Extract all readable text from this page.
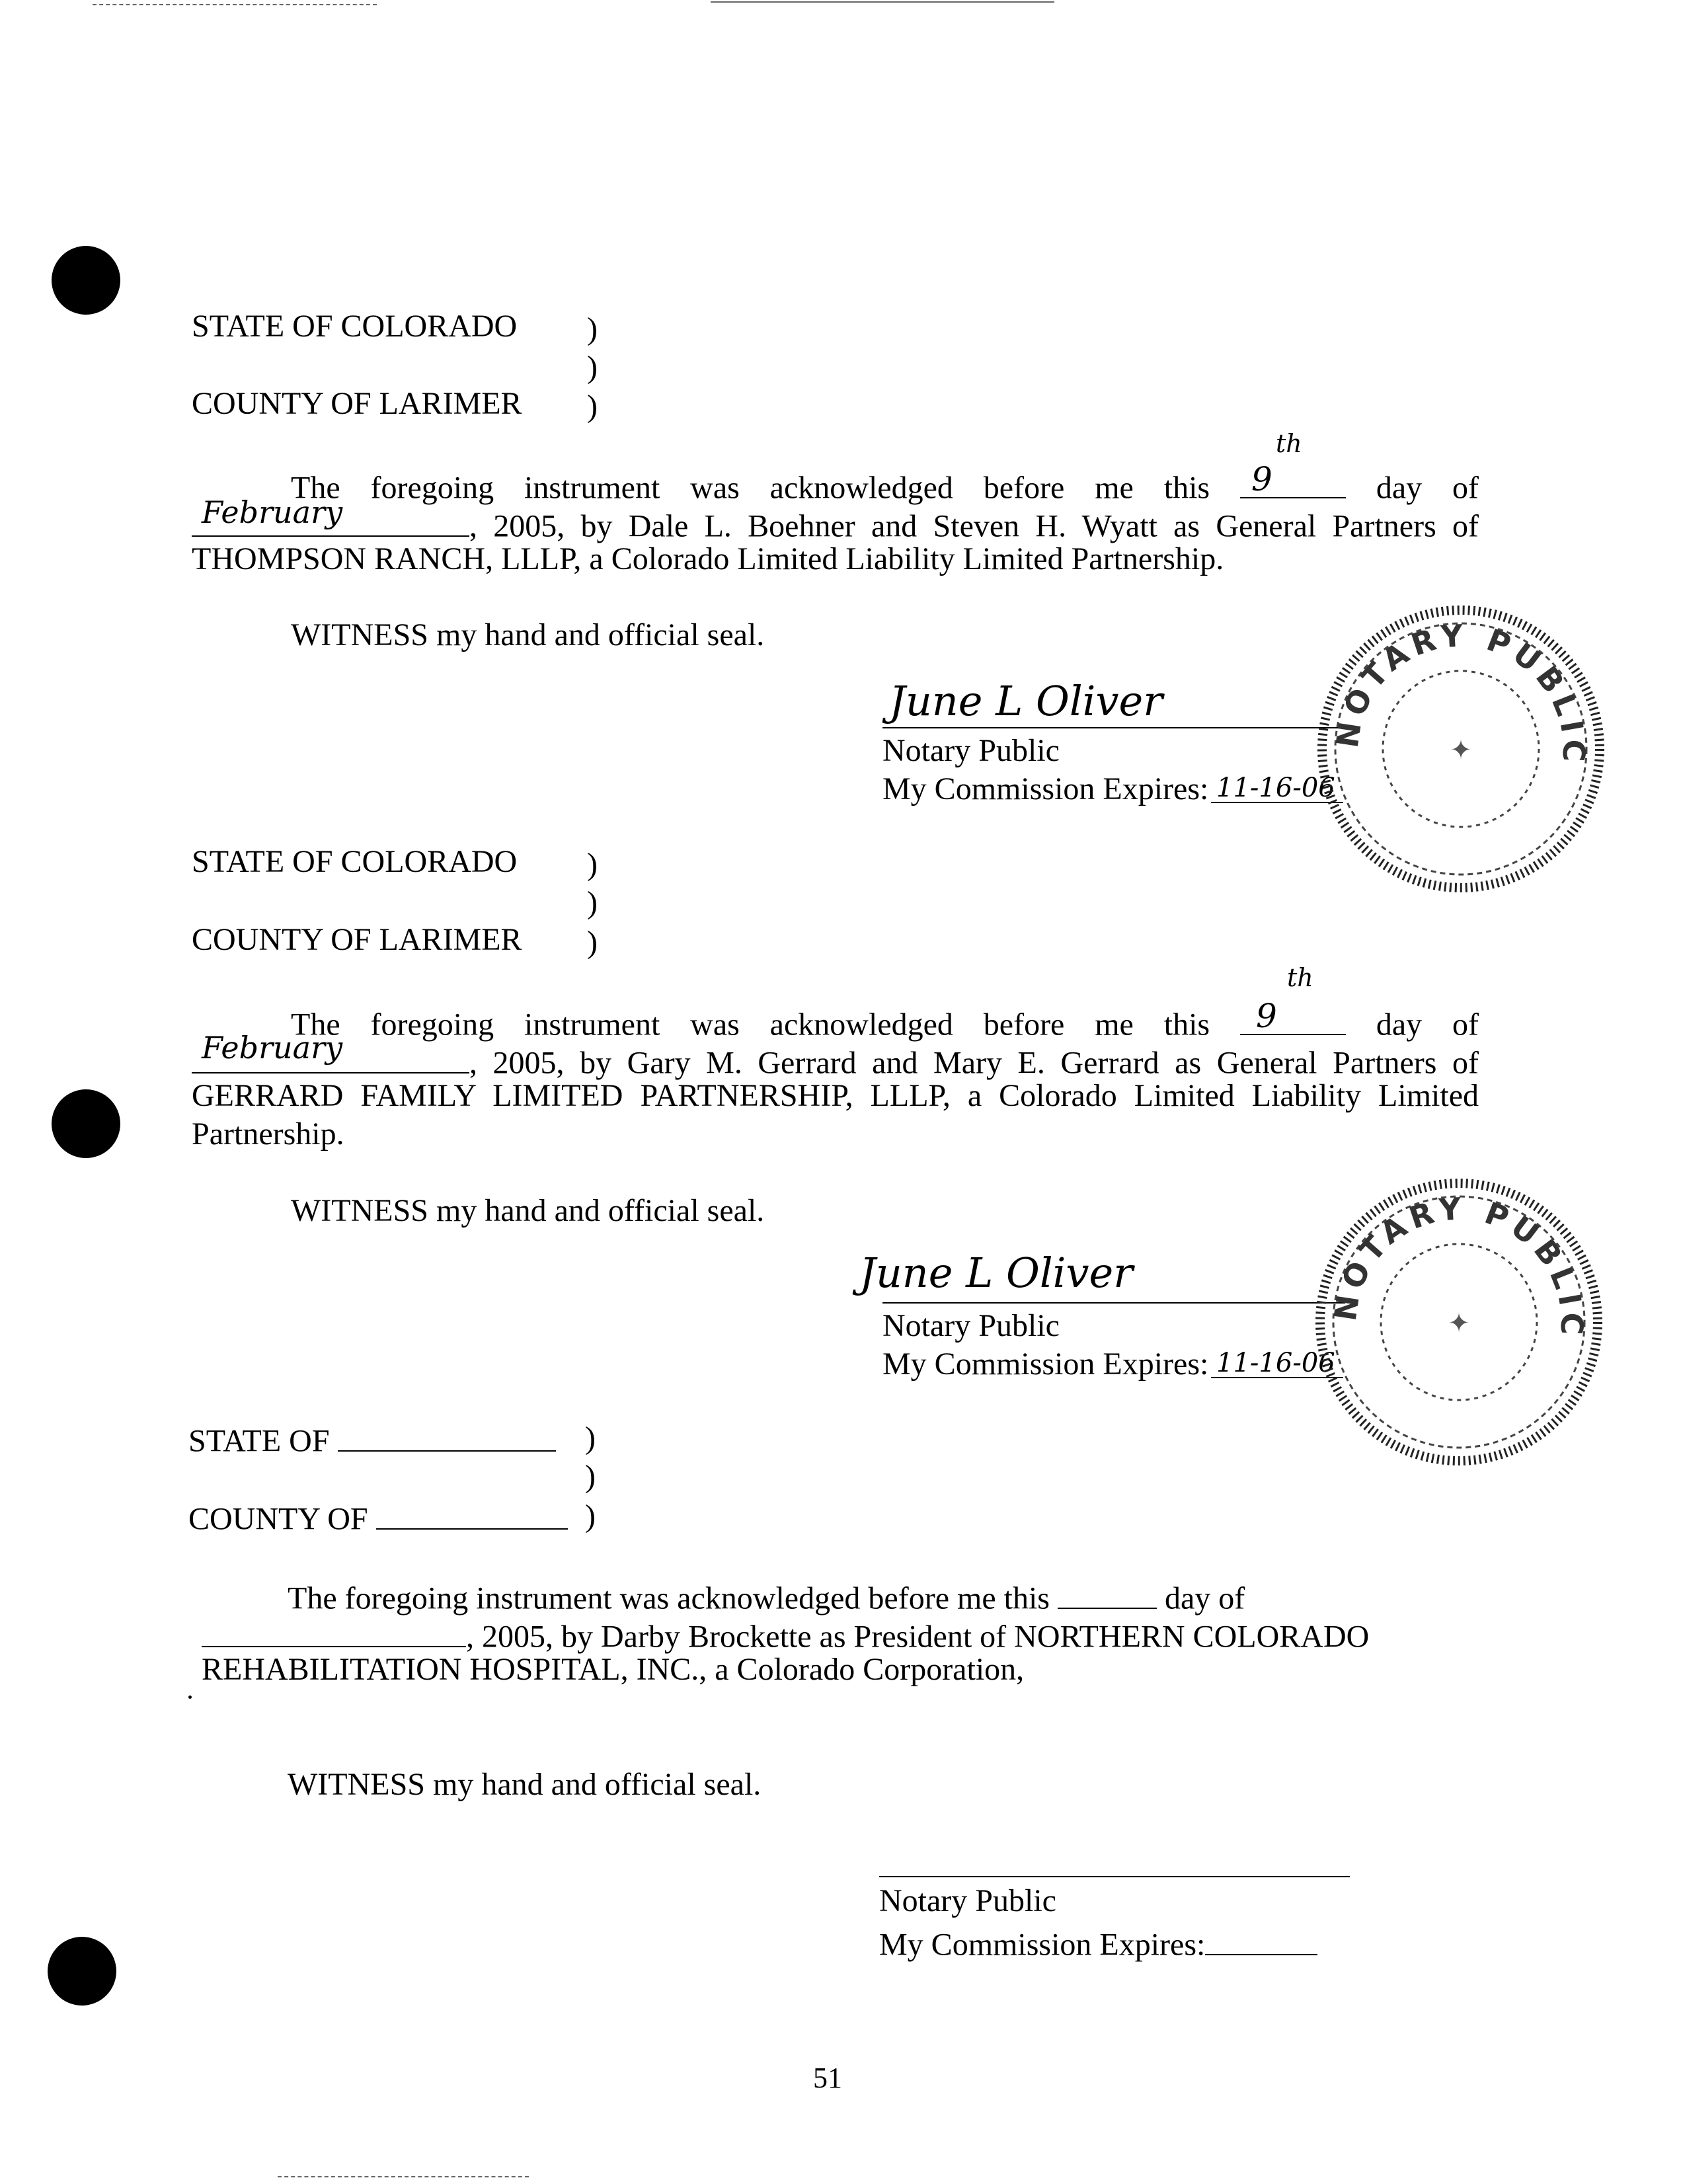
STATE OF COLORADO )
)
COUNTY OF LARIMER )
The foregoing instrument was acknowledged before me this	day of
9
th
, 2005, by Dale L. Boehner and Steven H. Wyatt as General Partners of
February
THOMPSON RANCH, LLLP, a Colorado Limited Liability Limited Partnership.
WITNESS my hand and official seal.
June L Oliver
Notary Public
My Commission Expires: 11-16-06
NOTARY PUBLIC
✦
STATE OF COLORADO )
)
COUNTY OF LARIMER )
The foregoing instrument was acknowledged before me this	day of
9
th
, 2005, by Gary M. Gerrard and Mary E. Gerrard as General Partners of
February
GERRARD FAMILY LIMITED PARTNERSHIP, LLLP, a Colorado Limited Liability Limited
Partnership.
WITNESS my hand and official seal.
June L Oliver
Notary Public
My Commission Expires: 11-16-06
NOTARY PUBLIC
✦
STATE OF	)
)
COUNTY OF	)
The foregoing instrument was acknowledged before me this	day of
, 2005, by Darby Brockette as President of NORTHERN COLORADO
REHABILITATION HOSPITAL, INC., a Colorado Corporation,
WITNESS my hand and official seal.
Notary Public
My Commission Expires:
51
